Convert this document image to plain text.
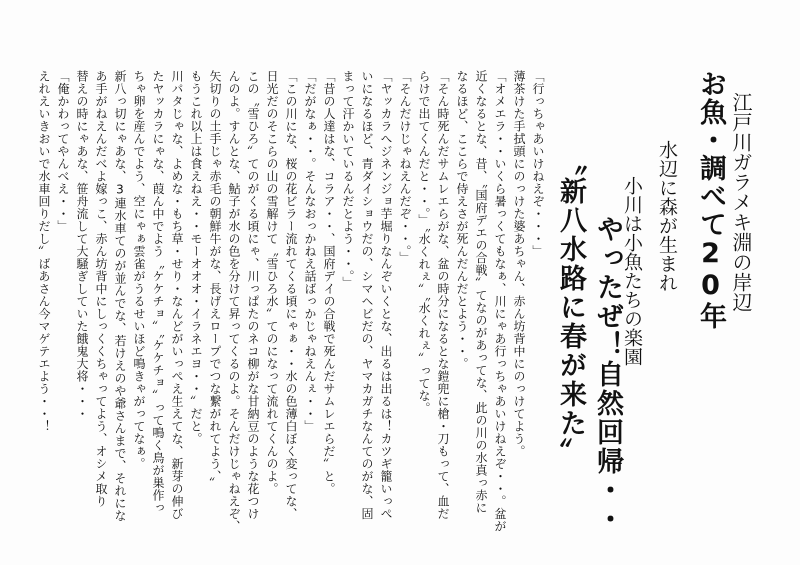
江戸川ガラメキ淵の岸辺
お魚・調べて20年
水辺に森が生まれ
小川は小魚たちの楽園
やったぜ！自然回帰・・
〝新八水路に春が来た〟
「行っちゃあいけねえぞ・・・」
薄茶けた手拭頭にのっけた婆あちゃん、赤ん坊背中にのっけてよう。
「オメエラ・・いくら暑っくてもなぁ、川にゃあ行っちゃあいけねえぞ・・。盆が
近くなるとな、昔、〝国府デエの合戦〟てなのがあってな、此の川の水真っ赤に
なるほど、ここらで侍えさが死んだんだとよう・・。
「そん時死んだサムレエらがな、盆の時分になるとな鎧兜に槍・刀もって、血だ
らけで出てくんだと・・。」〝水くれぇ〟〝水くれぇ〟ってな。
「そんだけじゃねえんだぞ・・。」
「ヤッカラへジネンジョ芋堀りなんぞいくとな、出るは出るは！カツギ籠いっぺ
いになるほど、青ダイショウだの、シマヘビだの、ヤマカガチなんてのがな、固
まって汗かいているんだとよう・・。」
「昔の人達はな、コラア・・、国府デイの合戦で死んだサムレエらだ〟と。
「だがなぁ・・。そんなおっかねえ話ばっかじゃねえんぇ・・」
「この川にな、桜の花ビラー流れてくる頃にゃぁ・・水の色薄白ぼく変ってな、
日光だのそこらの山の雪解けて〝雪ひろ水〟てのになって流れてくんのよ。
この〝雪ひろ〟てのがくる頃にゃ、川っぱたのネコ柳がな甘納豆のような花つけ
んのよ。すんとな、鮎子が水の色を分けて昇ってくるのよ。そんだけじゃねえぞ、
矢切りの土手じゃ赤毛の朝鮮牛がな、長げえロープでつな繋がれてよう、〟
もうこれ以上は食えねえ・・モーオオオ・イラネエヨ・・〟だと。
川パタじゃな、よめな・もち草・せり・なんどがいっぺえ生えてな、新芽の伸び
たヤッカラにゃな、葭ん中でよう〝ケケチョ〟〝ケケチョ〟って鳴く鳥が巣作っ
ちゃ卵を産んでよう、空にゃぁ雲雀がうるせいほど鳴きゃがってなぁ。
新八っ切にゃあな、3連水車てのが並んでな、若けえのや爺さんまで、それにな
あ手がねえんだべよ嫁っこ、赤ん坊背中にしっくくちゃってよう、オシメ取り
替えの時にゃあな、笹舟流して大騒ぎしていた餓鬼大将・・・
「俺かわってやんべえ・・」
えれえいきおいで水車回りだし〟ばあさん今マゲテエよう・・！
